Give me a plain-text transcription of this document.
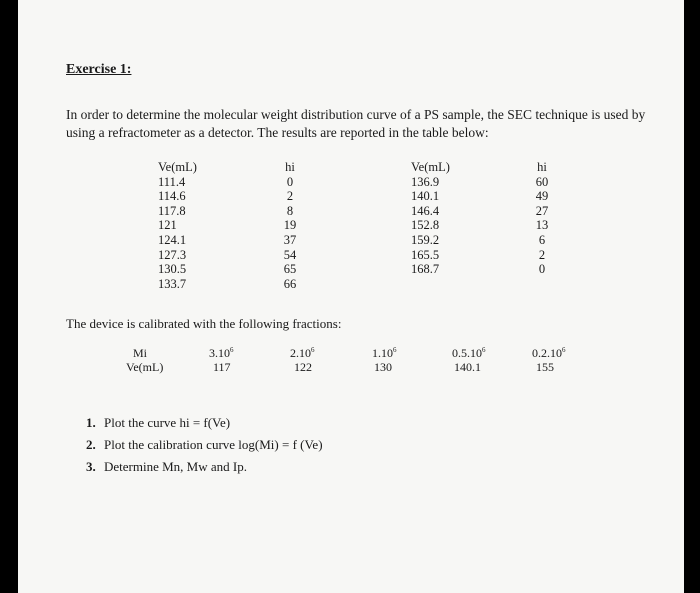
Exercise 1:
In order to determine the molecular weight distribution curve of a PS sample, the SEC technique is used by using a refractometer as a detector. The results are reported in the table below:
Ve(mL)
111.4
114.6
117.8
121
124.1
127.3
130.5
133.7
hi
0
2
8
19
37
54
65
66
Ve(mL)
136.9
140.1
146.4
152.8
159.2
165.5
168.7
hi
60
49
27
13
6
2
0
The device is calibrated with the following fractions:
Mi
Ve(mL)
3.10$^6$
117
2.10$^6$
122
1.10$^6$
130
0.5.10$^6$
140.1
0.2.10$^6$
155
1. Plot the curve hi = f(Ve)
2. Plot the calibration curve log(Mi) = f (Ve)
3. Determine Mn, Mw and Ip.
